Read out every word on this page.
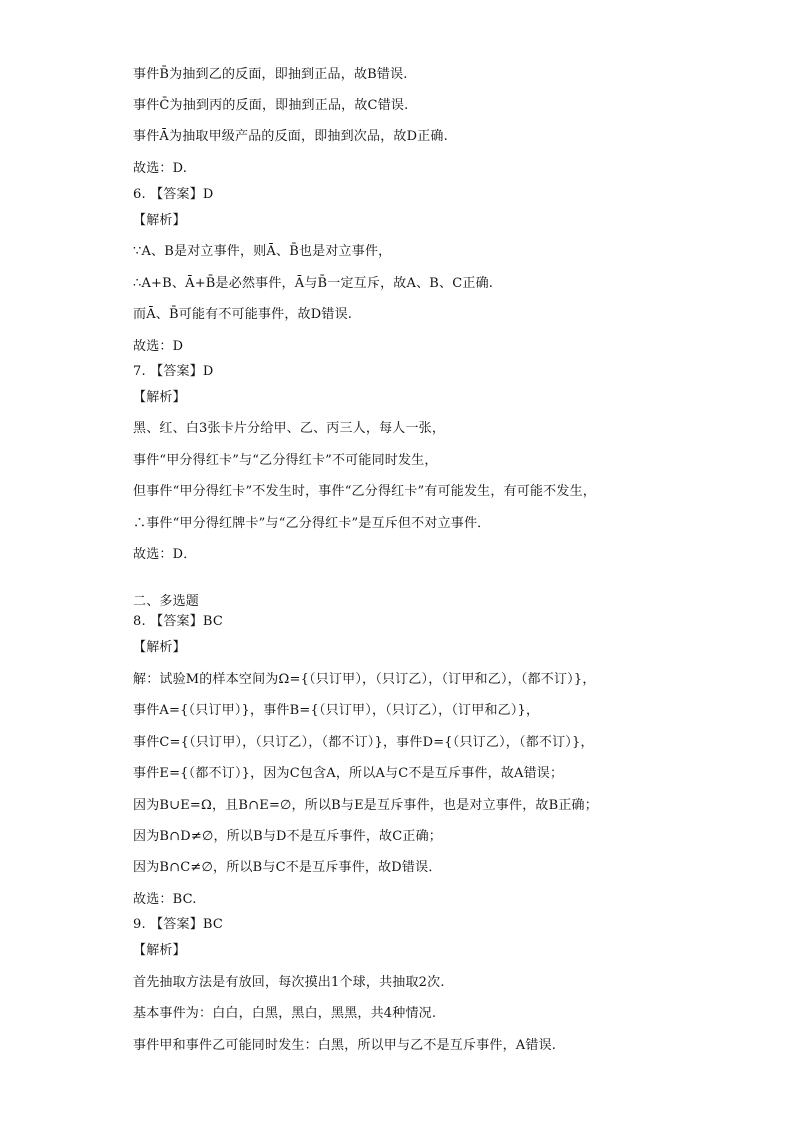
事件B̄为抽到乙的反面，即抽到正品，故B错误.
事件C̄为抽到丙的反面，即抽到正品，故C错误.
事件Ā为抽取甲级产品的反面，即抽到次品，故D正确.
故选：D.
6. 【答案】D
【解析】
∵A、B是对立事件，则Ā、B̄也是对立事件，
∴A+B、Ā+B̄是必然事件，Ā与B̄一定互斥，故A、B、C正确.
而Ā、B̄可能有不可能事件，故D错误.
故选：D
7. 【答案】D
【解析】
黑、红、白3张卡片分给甲、乙、丙三人，每人一张，
事件“甲分得红卡”与“乙分得红卡”不可能同时发生，
但事件“甲分得红卡”不发生时，事件“乙分得红卡”有可能发生，有可能不发生，
∴事件“甲分得红牌卡”与“乙分得红卡”是互斥但不对立事件．
故选：D．
二、多选题
8. 【答案】BC
【解析】
解：试验M的样本空间为Ω={（只订甲），（只订乙），（订甲和乙），（都不订）}，
事件A={（只订甲）}，事件B={（只订甲），（只订乙），（订甲和乙）}，
事件C={（只订甲），（只订乙），（都不订）}，事件D={（只订乙），（都不订）}，
事件E={（都不订）}，因为C包含A，所以A与C不是互斥事件，故A错误；
因为B∪E=Ω，且B∩E=∅，所以B与E是互斥事件，也是对立事件，故B正确；
因为B∩D≠∅，所以B与D不是互斥事件，故C正确；
因为B∩C≠∅，所以B与C不是互斥事件，故D错误．
故选：BC.
9. 【答案】BC
【解析】
首先抽取方法是有放回，每次摸出1个球，共抽取2次.
基本事件为：白白，白黑，黑白，黑黑，共4种情况.
事件甲和事件乙可能同时发生：白黑，所以甲与乙不是互斥事件，A错误.
